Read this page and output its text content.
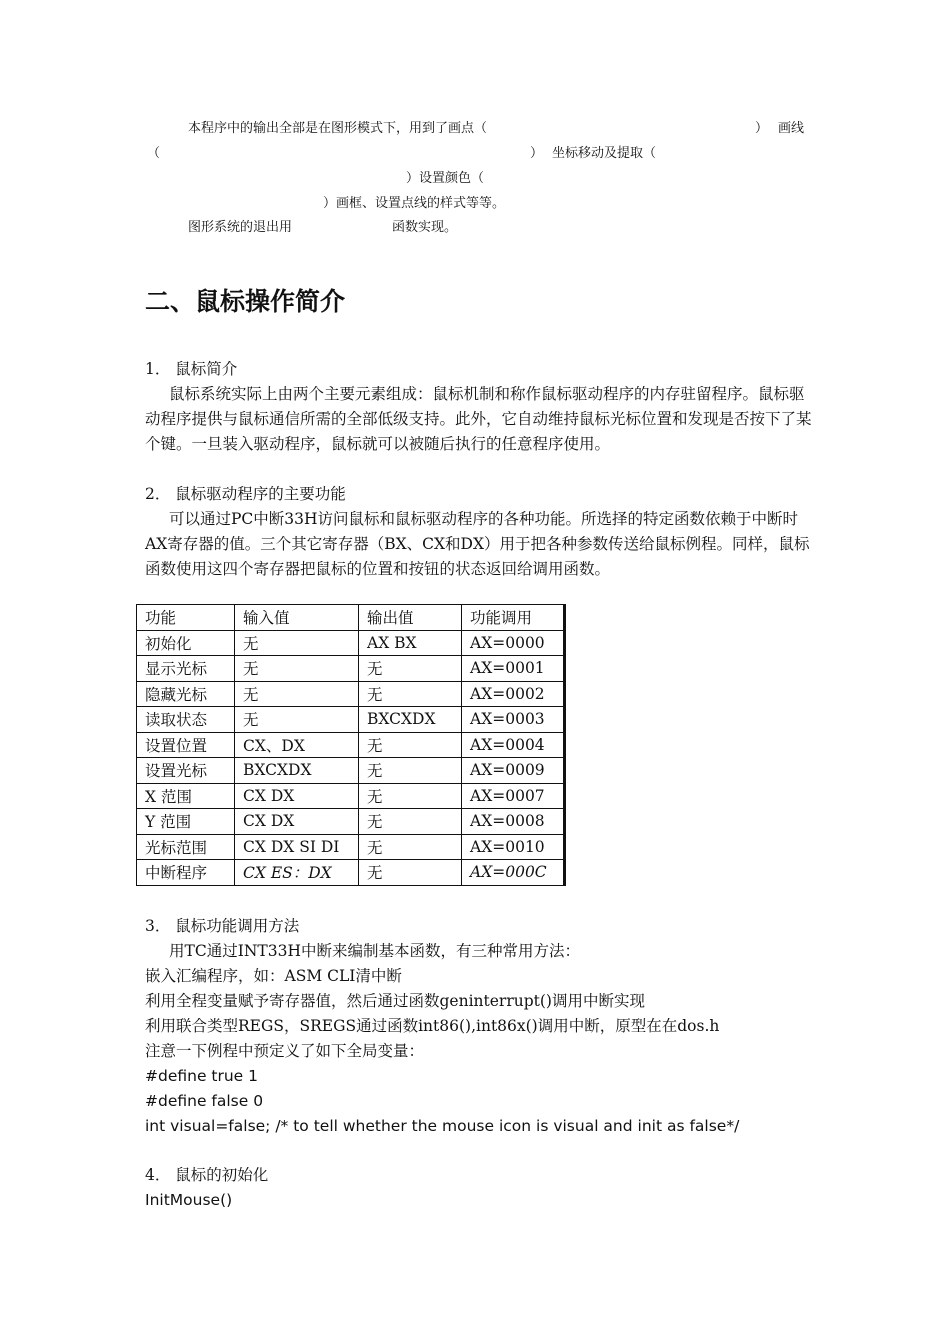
本程序中的输出全部是在图形模式下，用到了画点（	） 画线
（	） 坐标移动及提取（
）设置颜色（
）画框、设置点线的样式等等。
图形系统的退出用	函数实现。
二、鼠标操作简介

1． 鼠标简介

鼠标系统实际上由两个主要元素组成：鼠标机制和称作鼠标驱动程序的内存驻留程序。鼠标驱动程序提供与鼠标通信所需的全部低级支持。此外，它自动维持鼠标光标位置和发现是否按下了某个键。一旦装入驱动程序，鼠标就可以被随后执行的任意程序使用。

2． 鼠标驱动程序的主要功能

可以通过PC中断33H访问鼠标和鼠标驱动程序的各种功能。所选择的特定函数依赖于中断时AX寄存器的值。三个其它寄存器（BX、CX和DX）用于把各种参数传送给鼠标例程。同样，鼠标函数使用这四个寄存器把鼠标的位置和按钮的状态返回给调用函数。

功能	输入值	输出值	功能调用
初始化	无	AX BX	AX=0000
显示光标	无	无	AX=0001
隐藏光标	无	无	AX=0002
读取状态	无	BXCXDX	AX=0003
设置位置	CX、DX	无	AX=0004
设置光标	BXCXDX	无	AX=0009
X 范围	CX DX	无	AX=0007
Y 范围	CX DX	无	AX=0008
光标范围	CX DX SI DI	无	AX=0010
中断程序	CX ES：DX	无	AX=000C
3． 鼠标功能调用方法
用TC通过INT33H中断来编制基本函数，有三种常用方法：
嵌入汇编程序，如：ASM CLI清中断
利用全程变量赋予寄存器值，然后通过函数geninterrupt()调用中断实现
利用联合类型REGS，SREGS通过函数int86(),int86x()调用中断，原型在在dos.h
注意一下例程中预定义了如下全局变量：
#define true 1
#define false 0
int visual=false; /* to tell whether the mouse icon is visual and init as false*/
4． 鼠标的初始化
InitMouse()
